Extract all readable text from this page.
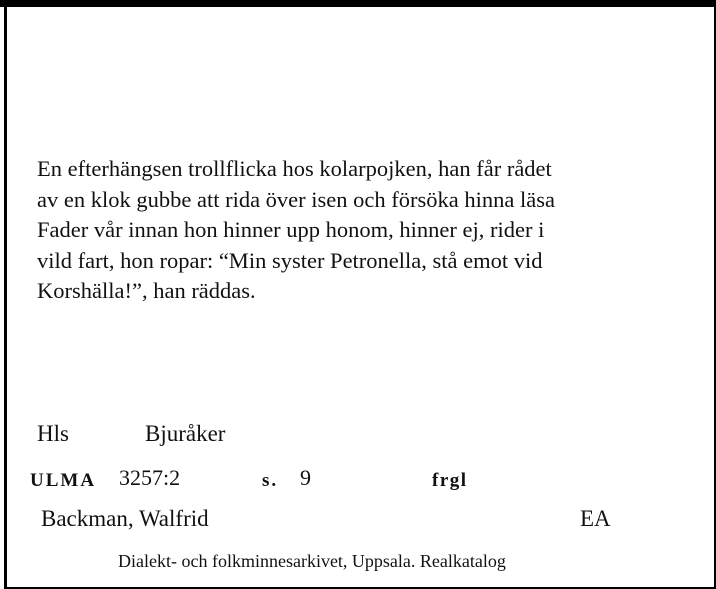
En efterhängsen trollflicka hos kolarpojken, han får rådet
av en klok gubbe att rida över isen och försöka hinna läsa
Fader vår innan hon hinner upp honom, hinner ej, rider i
vild fart, hon ropar: “Min syster Petronella, stå emot vid
Korshälla!”, han räddas.

Hls	Bjuråker
ULMA 3257:2	s. 9	frgl
Backman, Walfrid	EA
Dialekt- och folkminnesarkivet, Uppsala. Realkatalog
